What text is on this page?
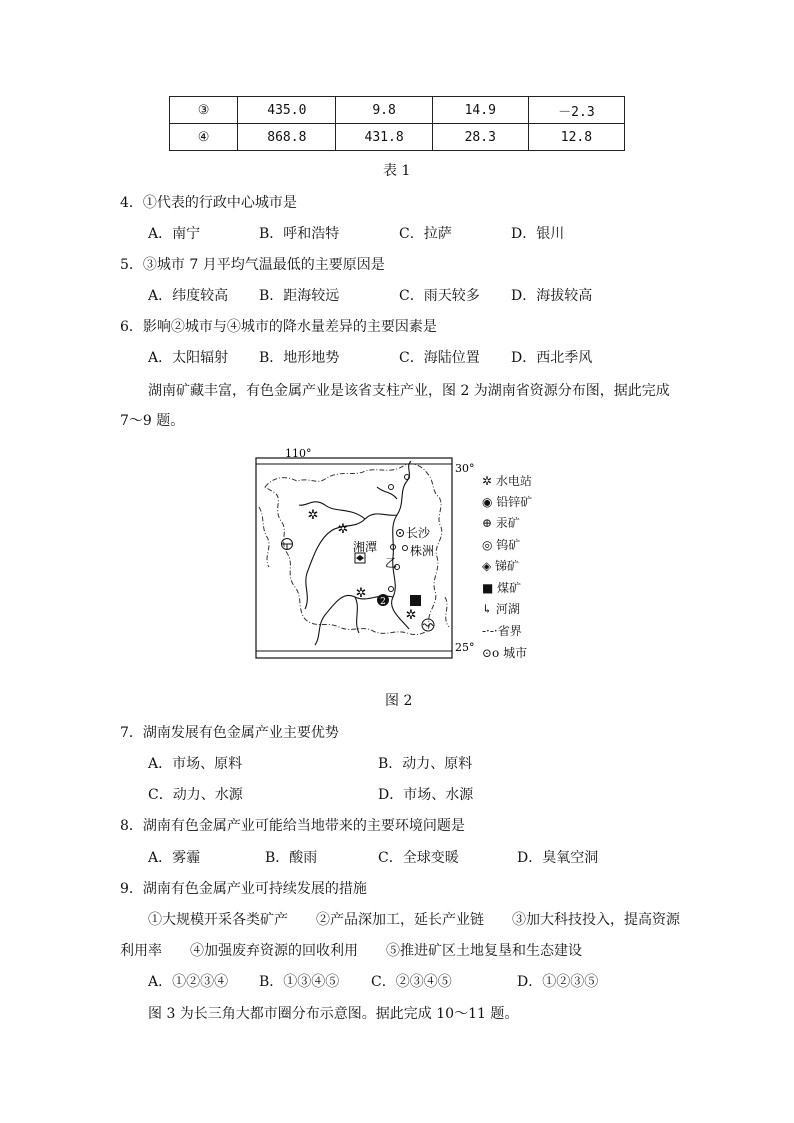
③	435.0	9.8	14.9	－2.3
④	868.8	431.8	28.3	12.8
表 1
4．①代表的行政中心城市是
A．南宁	B．呼和浩特	C．拉萨	D．银川
5．③城市 7 月平均气温最低的主要原因是
A．纬度较高 B．距海较远	C．雨天较多 D．海拔较高
6．影响②城市与④城市的降水量差异的主要因素是
A．太阳辐射 B．地形地势	C．海陆位置 D．西北季风
湖南矿藏丰富，有色金属产业是该省支柱产业，图 2 为湖南省资源分布图，据此完成
7～9 题。
110°
30°
25°
长沙
湘潭	株洲
乙
✲
✲
✲
✲
2
✲ 水电站
◉ 铅锌矿
⊕ 汞矿
◎ 钨矿
◈ 锑矿
■ 煤矿
↳ 河湖
-·-·省界
⊙o 城市
图 2
7．湖南发展有色金属产业主要优势
A．市场、原料	B．动力、原料
C．动力、水源	D．市场、水源
8．湖南有色金属产业可能给当地带来的主要环境问题是
A．雾霾	B．酸雨	C．全球变暖	D．臭氧空洞
9．湖南有色金属产业可持续发展的措施
①大规模开采各类矿产　　②产品深加工，延长产业链　　③加大科技投入，提高资源
利用率　　④加强废弃资源的回收利用　　⑤推进矿区土地复垦和生态建设
A．①②③④ B．①③④⑤ C．②③④⑤	D．①②③⑤
图 3 为长三角大都市圈分布示意图。据此完成 10～11 题。
